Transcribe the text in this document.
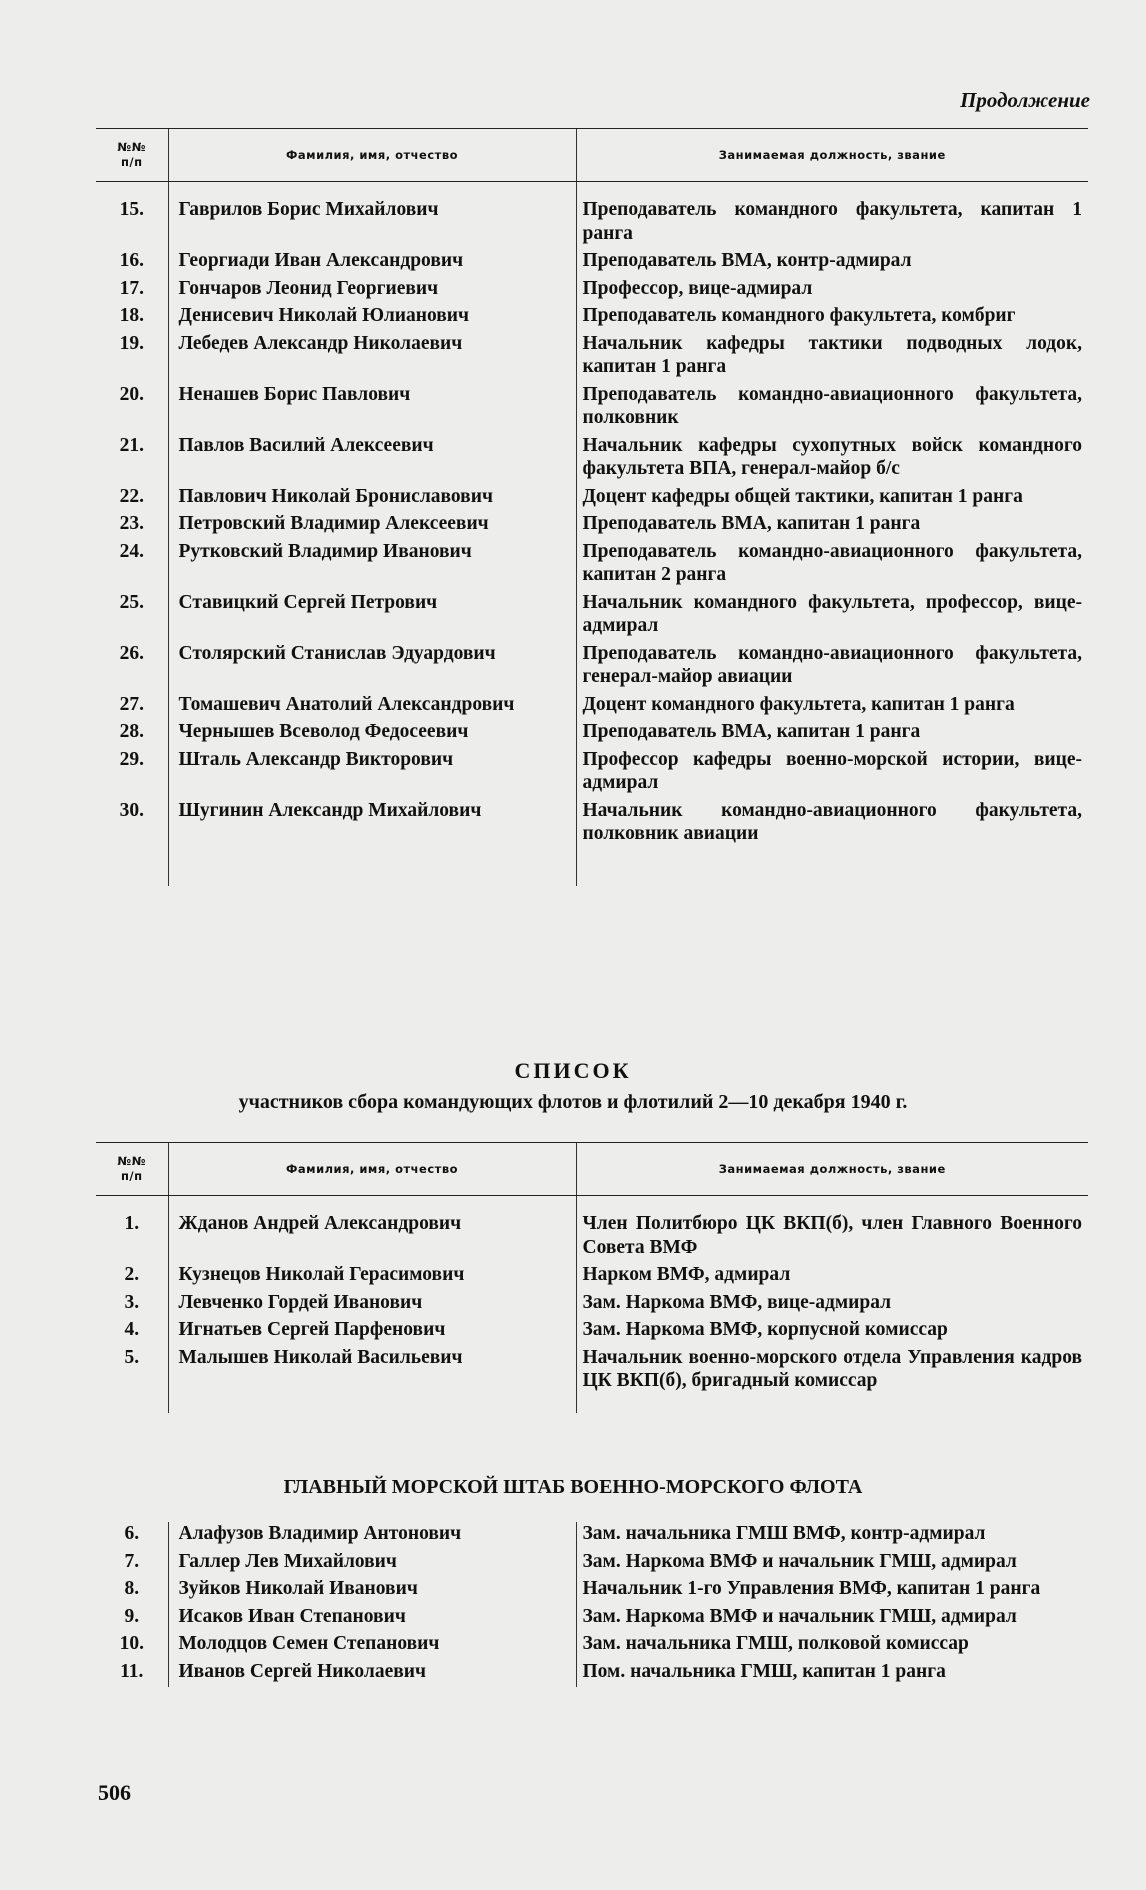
Продолжение
№№
п/п	Фамилия, имя, отчество	Занимаемая должность, звание
15.	Гаврилов Борис Михайлович	Преподаватель командного факультета, капитан 1 ранга
16.	Георгиади Иван Александрович	Преподаватель ВМА, контр-адмирал
17.	Гончаров Леонид Георгиевич	Профессор, вице-адмирал
18.	Денисевич Николай Юлианович	Преподаватель командного факультета, комбриг
19.	Лебедев Александр Николаевич	Начальник кафедры тактики подводных лодок, капитан 1 ранга
20.	Ненашев Борис Павлович	Преподаватель командно-авиационного факультета, полковник
21.	Павлов Василий Алексеевич	Начальник кафедры сухопутных войск командного факультета ВПА, генерал-майор б/с
22.	Павлович Николай Брониславович	Доцент кафедры общей тактики, капитан 1 ранга
23.	Петровский Владимир Алексеевич	Преподаватель ВМА, капитан 1 ранга
24.	Рутковский Владимир Иванович	Преподаватель командно-авиационного факультета, капитан 2 ранга
25.	Ставицкий Сергей Петрович	Начальник командного факультета, профессор, вице-адмирал
26.	Столярский Станислав Эдуардович	Преподаватель командно-авиационного факультета, генерал-майор авиации
27.	Томашевич Анатолий Александрович	Доцент командного факультета, капитан 1 ранга
28.	Чернышев Всеволод Федосеевич	Преподаватель ВМА, капитан 1 ранга
29.	Шталь Александр Викторович	Профессор кафедры военно-морской истории, вице-адмирал
30.	Шугинин Александр Михайлович	Начальник командно-авиационного факультета, полковник авиации

СПИСОК
участников сбора командующих флотов и флотилий 2—10 декабря 1940 г.
№№
п/п	Фамилия, имя, отчество	Занимаемая должность, звание
1.	Жданов Андрей Александрович	Член Политбюро ЦК ВКП(б), член Главного Военного Совета ВМФ
2.	Кузнецов Николай Герасимович	Нарком ВМФ, адмирал
3.	Левченко Гордей Иванович	Зам. Наркома ВМФ, вице-адмирал
4.	Игнатьев Сергей Парфенович	Зам. Наркома ВМФ, корпусной комиссар
5.	Малышев Николай Васильевич	Начальник военно-морского отдела Управления кадров ЦК ВКП(б), бригадный комиссар
ГЛАВНЫЙ МОРСКОЙ ШТАБ ВОЕННО-МОРСКОГО ФЛОТА
6.	Алафузов Владимир Антонович	Зам. начальника ГМШ ВМФ, контр-адмирал
7.	Галлер Лев Михайлович	Зам. Наркома ВМФ и начальник ГМШ, адмирал
8.	Зуйков Николай Иванович	Начальник 1-го Управления ВМФ, капитан 1 ранга
9.	Исаков Иван Степанович	Зам. Наркома ВМФ и начальник ГМШ, адмирал
10.	Молодцов Семен Степанович	Зам. начальника ГМШ, полковой комиссар
11.	Иванов Сергей Николаевич	Пом. начальника ГМШ, капитан 1 ранга
506
